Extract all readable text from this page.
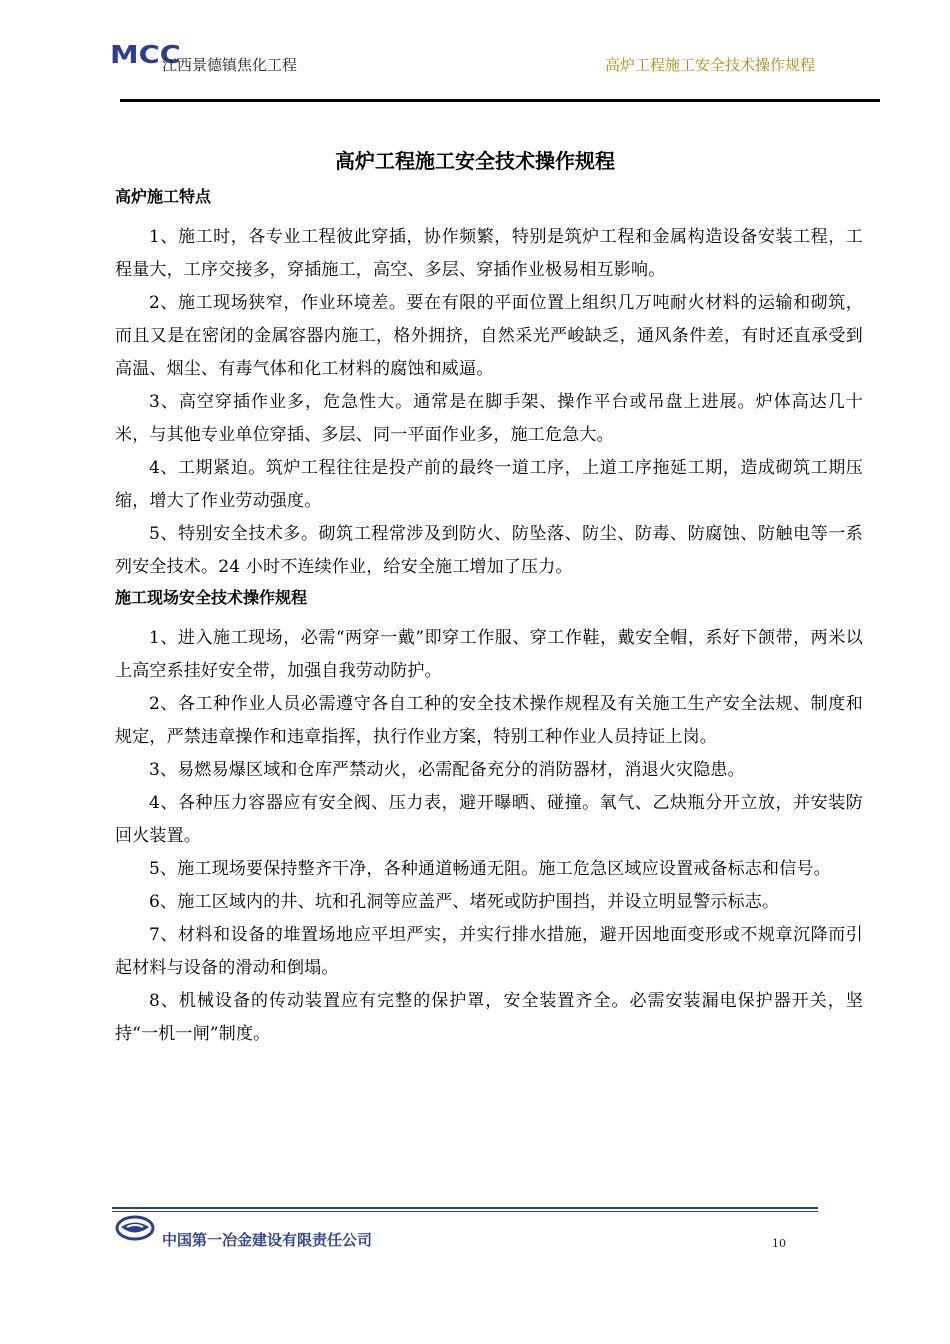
MCC
江西景德镇焦化工程	高炉工程施工安全技术操作规程
高炉工程施工安全技术操作规程
高炉施工特点

1、施工时，各专业工程彼此穿插，协作频繁，特别是筑炉工程和金属构造设备安装工程，工程量大，工序交接多，穿插施工，高空、多层、穿插作业极易相互影响。

2、施工现场狭窄，作业环境差。要在有限的平面位置上组织几万吨耐火材料的运输和砌筑，而且又是在密闭的金属容器内施工，格外拥挤，自然采光严峻缺乏，通风条件差，有时还直承受到高温、烟尘、有毒气体和化工材料的腐蚀和威逼。

3、高空穿插作业多，危急性大。通常是在脚手架、操作平台或吊盘上进展。炉体高达几十米，与其他专业单位穿插、多层、同一平面作业多，施工危急大。

4、工期紧迫。筑炉工程往往是投产前的最终一道工序，上道工序拖延工期，造成砌筑工期压缩，增大了作业劳动强度。

5、特别安全技术多。砌筑工程常涉及到防火、防坠落、防尘、防毒、防腐蚀、防触电等一系列安全技术。24 小时不连续作业，给安全施工增加了压力。

施工现场安全技术操作规程

1、进入施工现场，必需“两穿一戴”即穿工作服、穿工作鞋，戴安全帽，系好下颌带，两米以上高空系挂好安全带，加强自我劳动防护。

2、各工种作业人员必需遵守各自工种的安全技术操作规程及有关施工生产安全法规、制度和规定，严禁违章操作和违章指挥，执行作业方案，特别工种作业人员持证上岗。

3、易燃易爆区域和仓库严禁动火，必需配备充分的消防器材，消退火灾隐患。

4、各种压力容器应有安全阀、压力表，避开曝晒、碰撞。氧气、乙炔瓶分开立放，并安装防回火装置。

5、施工现场要保持整齐干净，各种通道畅通无阻。施工危急区域应设置戒备标志和信号。

6、施工区域内的井、坑和孔洞等应盖严、堵死或防护围挡，并设立明显警示标志。

7、材料和设备的堆置场地应平坦严实，并实行排水措施，避开因地面变形或不规章沉降而引起材料与设备的滑动和倒塌。

8、机械设备的传动装置应有完整的保护罩，安全装置齐全。必需安装漏电保护器开关，坚持“一机一闸”制度。

中国第一冶金建设有限责任公司	10
